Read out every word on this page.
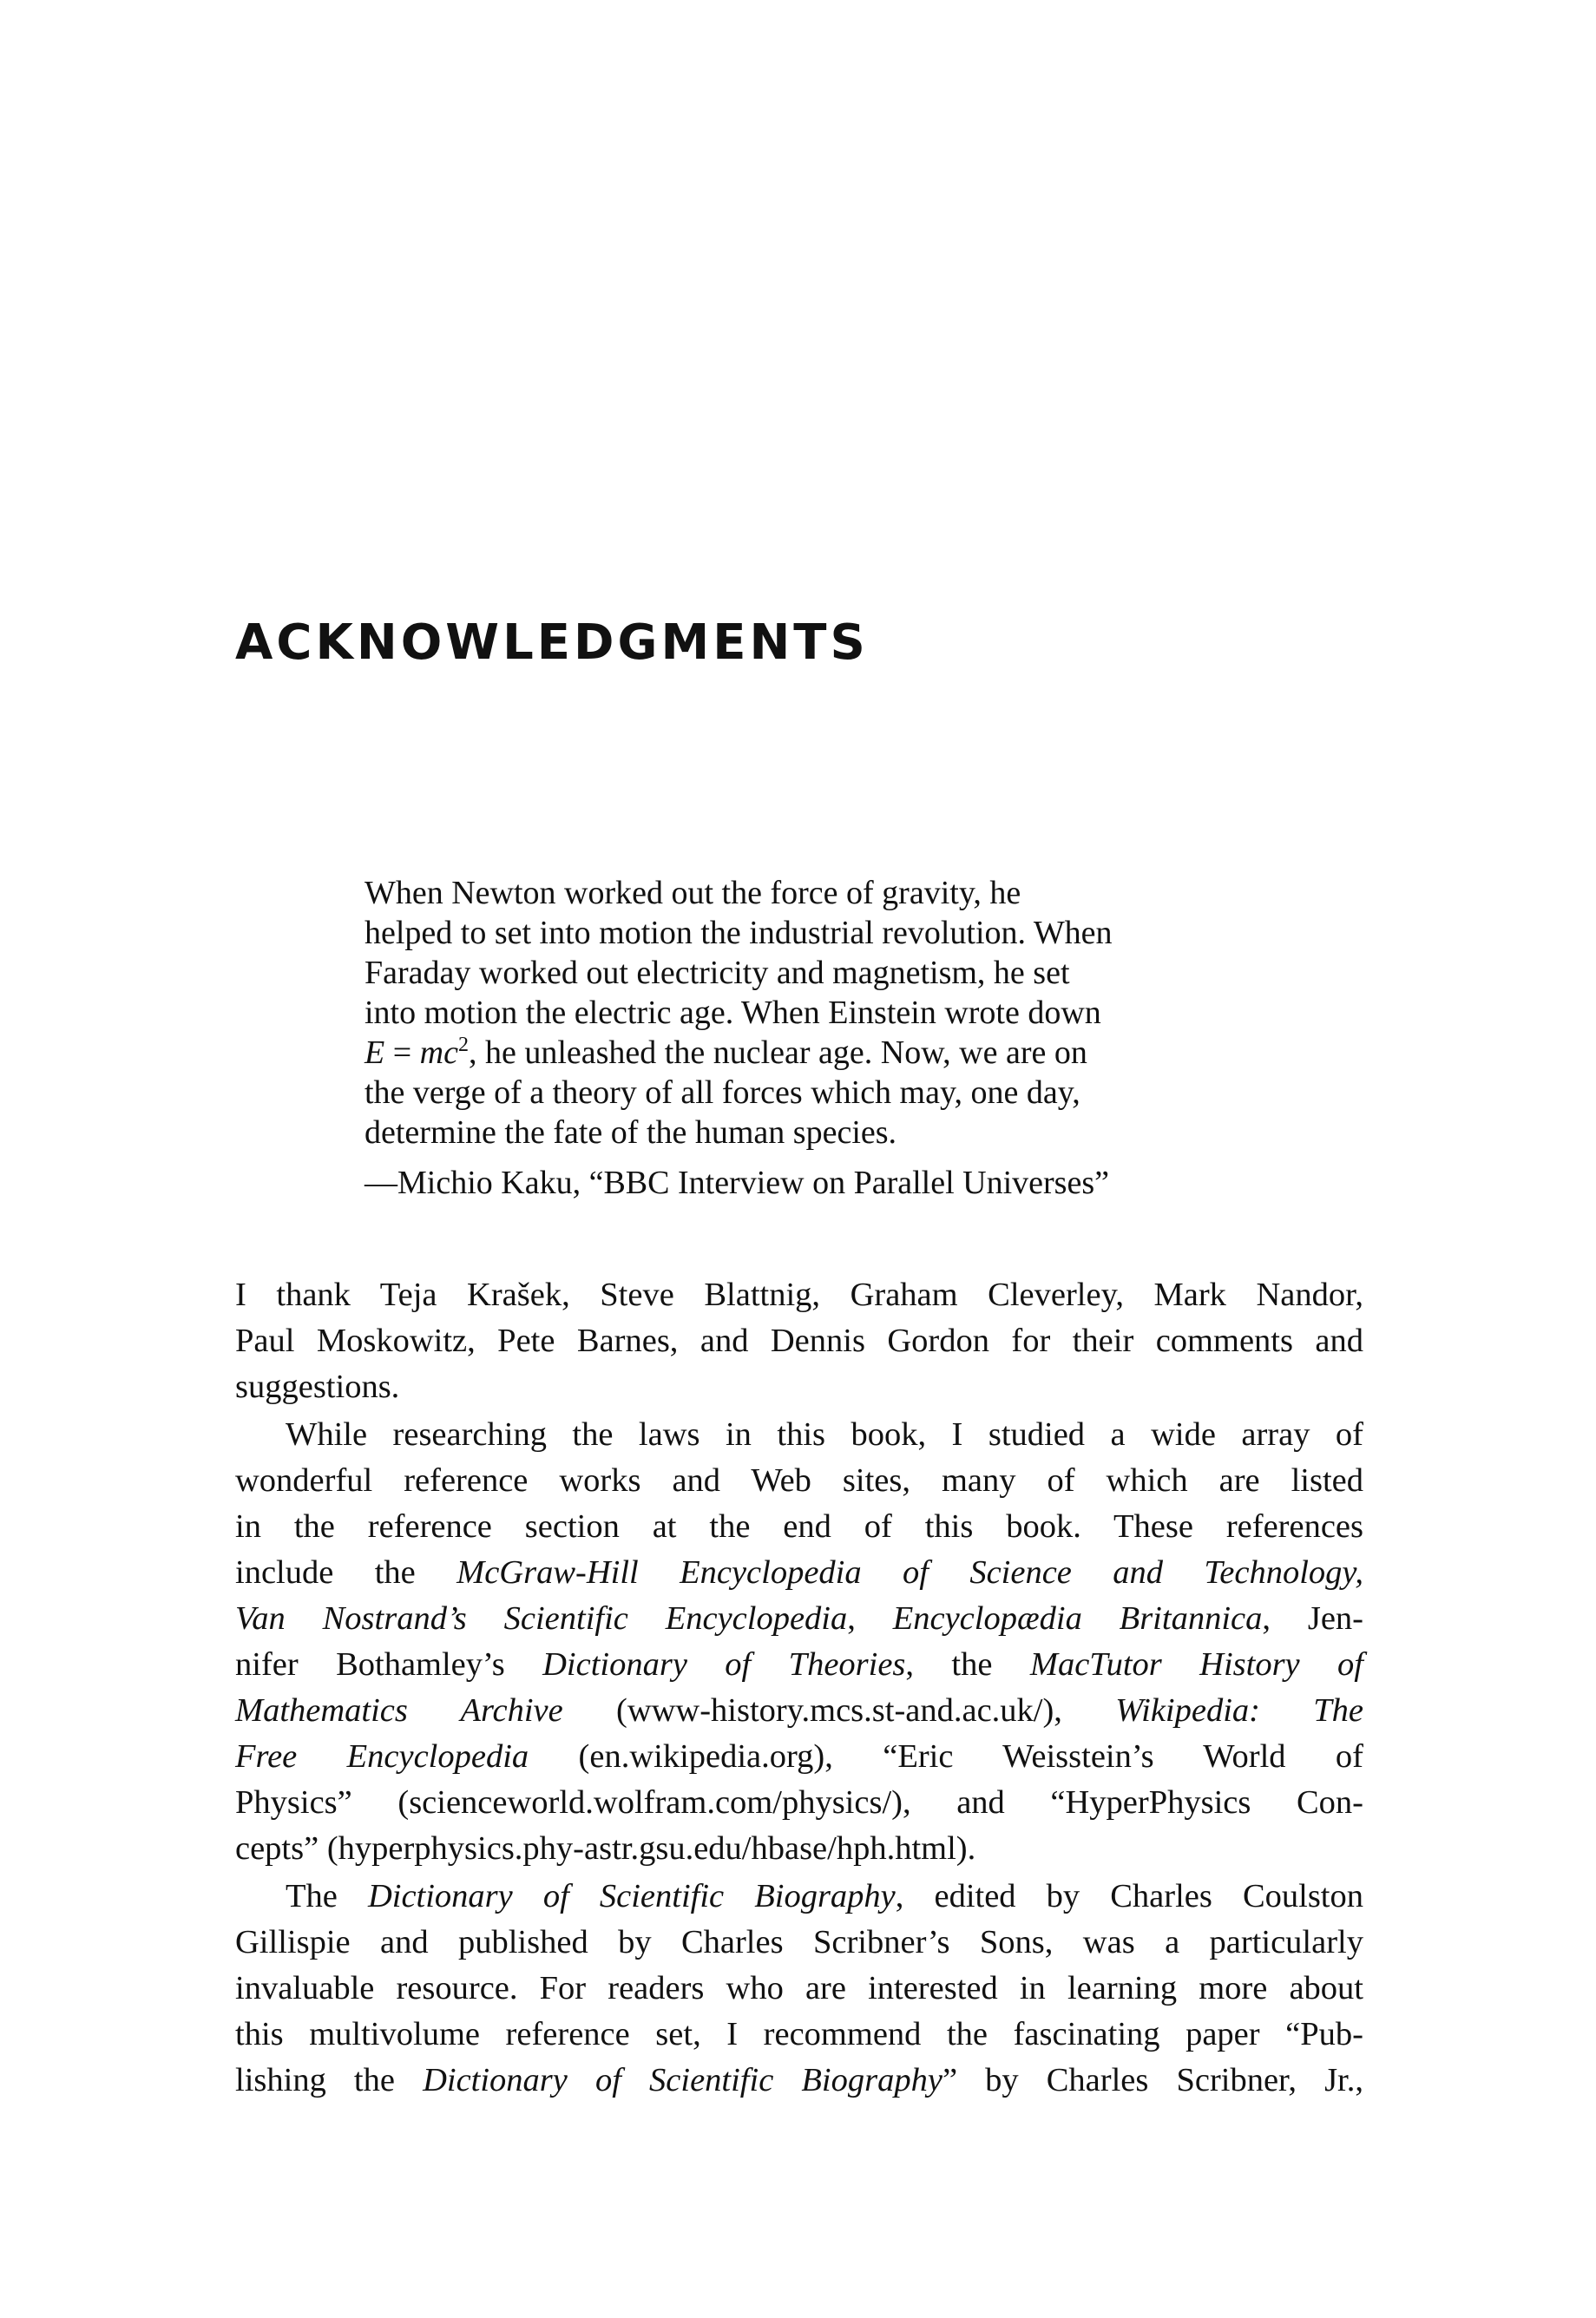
ACKNOWLEDGMENTS

When Newton worked out the force of gravity, he
helped to set into motion the industrial revolution. When
Faraday worked out electricity and magnetism, he set
into motion the electric age. When Einstein wrote down
$E = mc^2$, he unleashed the nuclear age. Now, we are on
the verge of a theory of all forces which may, one day,
determine the fate of the human species.

—Michio Kaku, “BBC Interview on Parallel Universes”

I thank Teja Krašek, Steve Blattnig, Graham Cleverley, Mark Nandor,
Paul Moskowitz, Pete Barnes, and Dennis Gordon for their comments and
suggestions.

While researching the laws in this book, I studied a wide array of
wonderful reference works and Web sites, many of which are listed
in the reference section at the end of this book. These references
include the McGraw-Hill Encyclopedia of Science and Technology,
Van Nostrand’s Scientific Encyclopedia, Encyclopædia Britannica, Jen-
nifer Bothamley’s Dictionary of Theories, the MacTutor History of
Mathematics Archive (www-history.mcs.st-and.ac.uk/), Wikipedia: The
Free Encyclopedia (en.wikipedia.org), “Eric Weisstein’s World of
Physics” (scienceworld.wolfram.com/physics/), and “HyperPhysics Con-
cepts” (hyperphysics.phy-astr.gsu.edu/hbase/hph.html).

The Dictionary of Scientific Biography, edited by Charles Coulston
Gillispie and published by Charles Scribner’s Sons, was a particularly
invaluable resource. For readers who are interested in learning more about
this multivolume reference set, I recommend the fascinating paper “Pub-
lishing the Dictionary of Scientific Biography” by Charles Scribner, Jr.,
